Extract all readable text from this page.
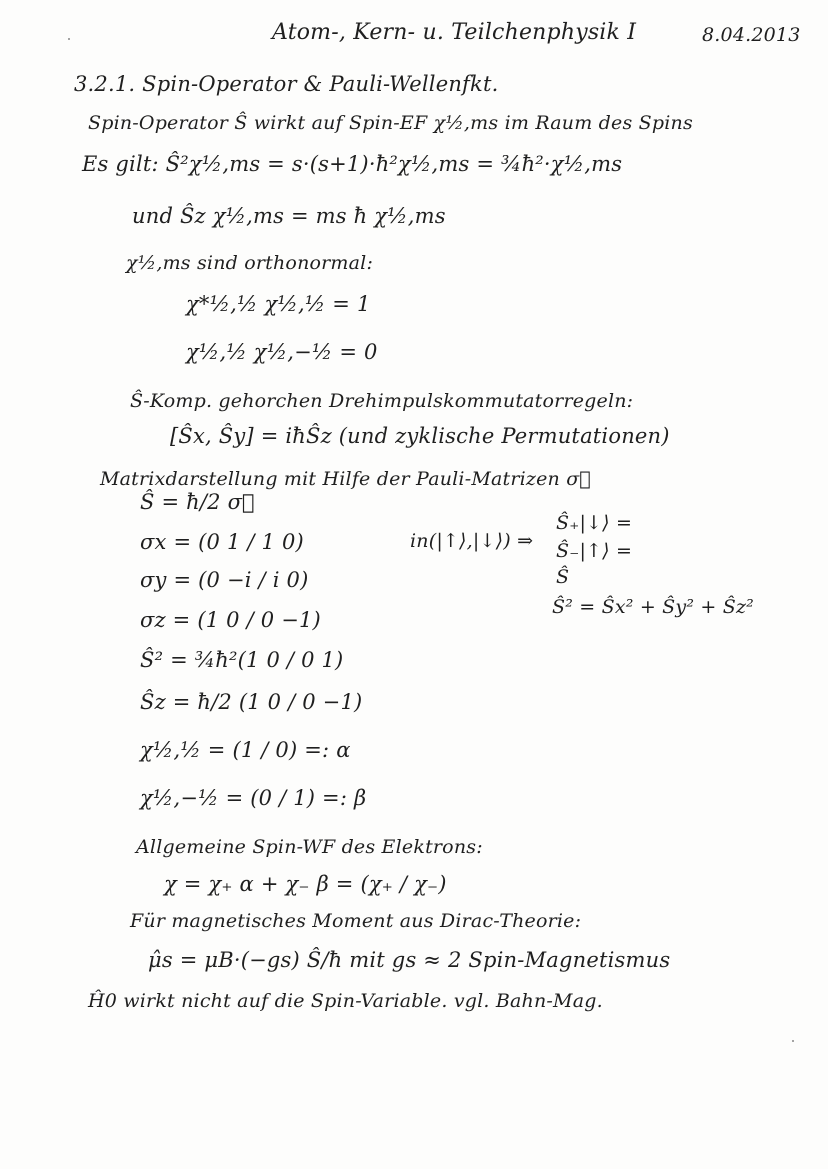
Atom-, Kern- u. Teilchenphysik I	8.04.2013
3.2.1. Spin-Operator & Pauli-Wellenfkt.
Spin-Operator Ŝ wirkt auf Spin-EF χ½,ms im Raum des Spins
Es gilt: Ŝ²χ½,ms = s·(s+1)·ħ²χ½,ms = ¾ħ²·χ½,ms
und Ŝz χ½,ms = ms ħ χ½,ms
χ½,ms sind orthonormal:
χ*½,½ χ½,½ = 1
χ½,½ χ½,−½ = 0
Ŝ-Komp. gehorchen Drehimpulskommutatorregeln:
[Ŝx, Ŝy] = iħŜz (und zyklische Permutationen)
Matrixdarstellung mit Hilfe der Pauli-Matrizen σ⃗
Ŝ = ħ/2 σ⃗
σx = (0 1 / 1 0)
σy = (0 −i / i 0)
σz = (1 0 / 0 −1)
Ŝ² = ¾ħ²(1 0 / 0 1)
Ŝz = ħ/2 (1 0 / 0 −1)
χ½,½ = (1 / 0) =: α
χ½,−½ = (0 / 1) =: β
Allgemeine Spin-WF des Elektrons:
χ = χ₊ α + χ₋ β = (χ₊ / χ₋)
Für magnetisches Moment aus Dirac-Theorie:
μ̂s = μB·(−gs) Ŝ/ħ mit gs ≈ 2 Spin-Magnetismus
Ĥ0 wirkt nicht auf die Spin-Variable. vgl. Bahn-Mag.
in(|↑⟩,|↓⟩) ⇒
Ŝ₊|↓⟩ =
Ŝ₋|↑⟩ =
Ŝ
Ŝ² = Ŝx² + Ŝy² + Ŝz²
